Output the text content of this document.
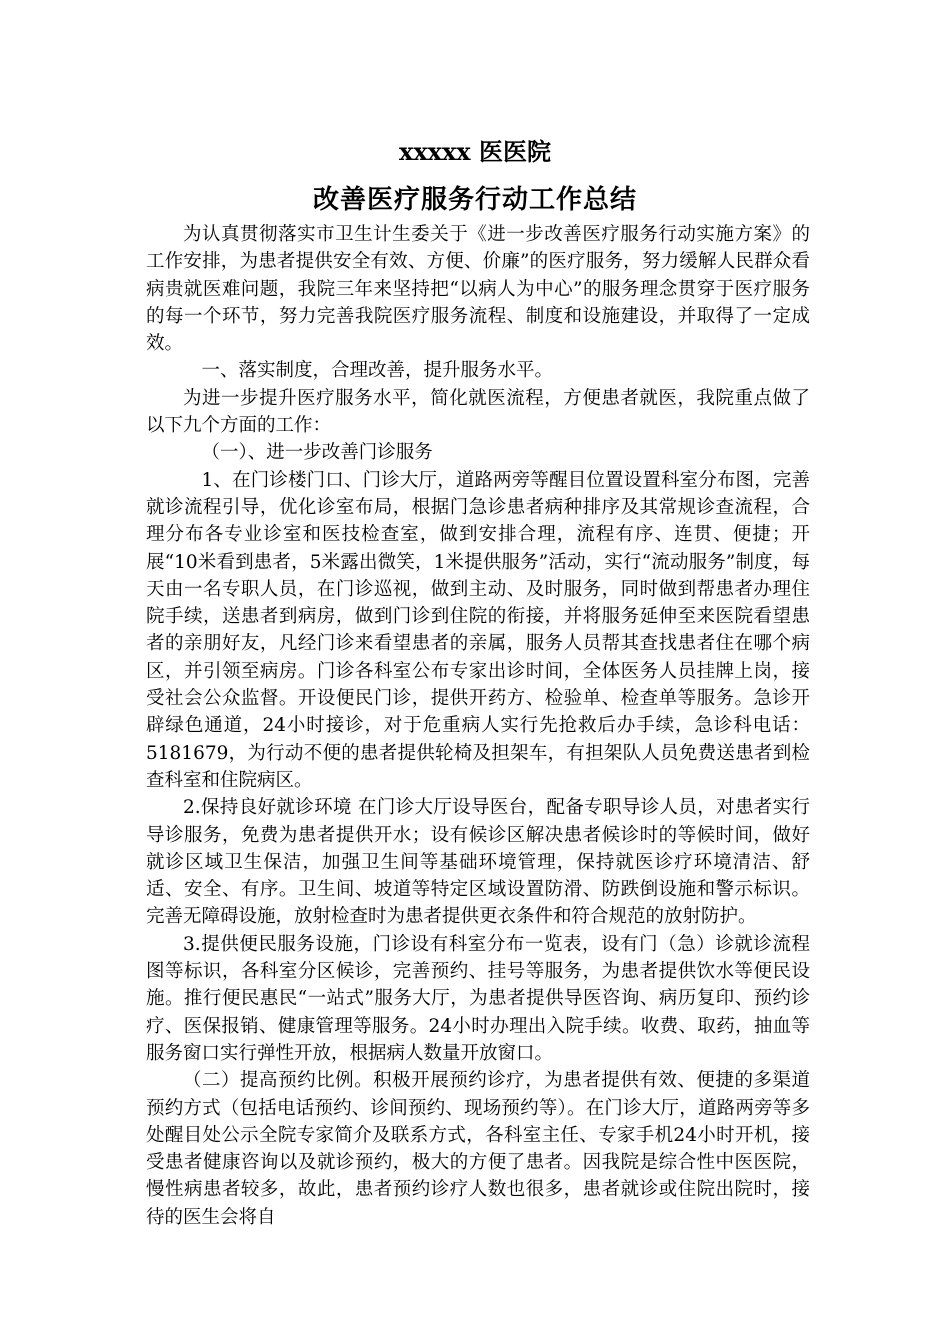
xxxxx 医医院
改善医疗服务行动工作总结

为认真贯彻落实市卫生计生委关于《进一步改善医疗服务行动实施方案》的工作安排，为患者提供安全有效、方便、价廉”的医疗服务，努力缓解人民群众看病贵就医难问题，我院三年来坚持把“以病人为中心”的服务理念贯穿于医疗服务的每一个环节，努力完善我院医疗服务流程、制度和设施建设，并取得了一定成效。

一、落实制度，合理改善，提升服务水平。

为进一步提升医疗服务水平，简化就医流程，方便患者就医，我院重点做了以下九个方面的工作：

（一）、进一步改善门诊服务

1、在门诊楼门口、门诊大厅，道路两旁等醒目位置设置科室分布图，完善就诊流程引导，优化诊室布局，根据门急诊患者病种排序及其常规诊查流程，合理分布各专业诊室和医技检查室，做到安排合理，流程有序、连贯、便捷；开展“10米看到患者，5米露出微笑，1米提供服务”活动，实行“流动服务”制度，每天由一名专职人员，在门诊巡视，做到主动、及时服务，同时做到帮患者办理住院手续，送患者到病房，做到门诊到住院的衔接，并将服务延伸至来医院看望患者的亲朋好友，凡经门诊来看望患者的亲属，服务人员帮其查找患者住在哪个病区，并引领至病房。门诊各科室公布专家出诊时间，全体医务人员挂牌上岗，接受社会公众监督。开设便民门诊，提供开药方、检验单、检查单等服务。急诊开辟绿色通道，24小时接诊，对于危重病人实行先抢救后办手续，急诊科电话：5181679，为行动不便的患者提供轮椅及担架车，有担架队人员免费送患者到检查科室和住院病区。

2.保持良好就诊环境 在门诊大厅设导医台，配备专职导诊人员，对患者实行导诊服务，免费为患者提供开水；设有候诊区解决患者候诊时的等候时间，做好就诊区域卫生保洁，加强卫生间等基础环境管理，保持就医诊疗环境清洁、舒适、安全、有序。卫生间、坡道等特定区域设置防滑、防跌倒设施和警示标识。 完善无障碍设施，放射检查时为患者提供更衣条件和符合规范的放射防护。

3.提供便民服务设施，门诊设有科室分布一览表，设有门（急）诊就诊流程图等标识，各科室分区候诊，完善预约、挂号等服务，为患者提供饮水等便民设施。推行便民惠民“一站式”服务大厅，为患者提供导医咨询、病历复印、预约诊疗、医保报销、健康管理等服务。24小时办理出入院手续。收费、取药，抽血等服务窗口实行弹性开放，根据病人数量开放窗口。

（二）提高预约比例。积极开展预约诊疗，为患者提供有效、便捷的多渠道预约方式（包括电话预约、诊间预约、现场预约等）。在门诊大厅，道路两旁等多处醒目处公示全院专家简介及联系方式，各科室主任、专家手机24小时开机，接受患者健康咨询以及就诊预约，极大的方便了患者。因我院是综合性中医医院，慢性病患者较多，故此，患者预约诊疗人数也很多，患者就诊或住院出院时，接待的医生会将自
